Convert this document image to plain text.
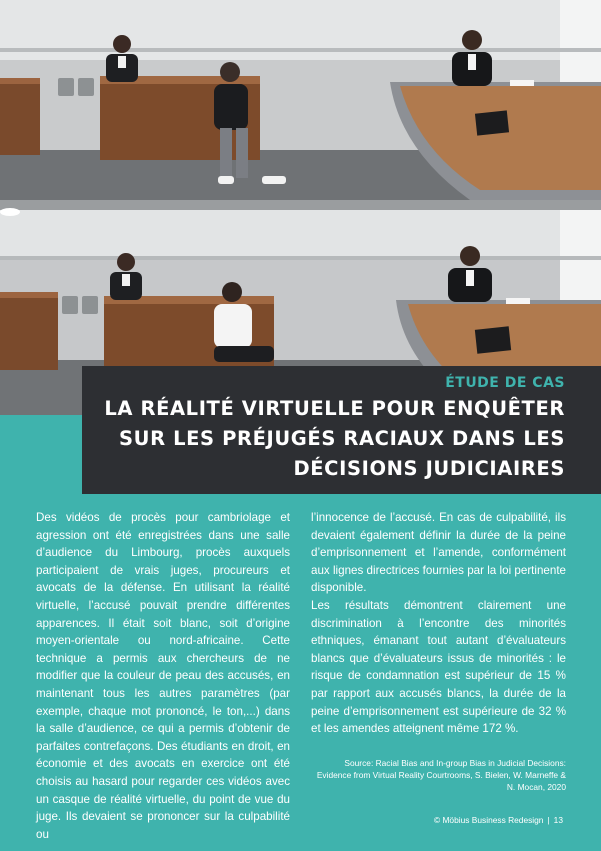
ÉTUDE DE CAS
LA RÉALITÉ VIRTUELLE POUR ENQUÊTER
SUR LES PRÉJUGÉS RACIAUX DANS LES
DÉCISIONS JUDICIAIRES

Des vidéos de procès pour cambriolage et agression ont été enregistrées dans une salle d’audience du Limbourg, procès auxquels participaient de vrais juges, procureurs et avocats de la défense. En utilisant la réalité virtuelle, l’accusé pouvait prendre différentes apparences. Il était soit blanc, soit d’origine moyen-orientale ou nord-africaine. Cette technique a permis aux chercheurs de ne modifier que la couleur de peau des accusés, en maintenant tous les autres paramètres (par exemple, chaque mot prononcé, le ton,...) dans la salle d’audience, ce qui a permis d’obtenir de parfaites contrefaçons. Des étudiants en droit, en économie et des avocats en exercice ont été choisis au hasard pour regarder ces vidéos avec un casque de réalité virtuelle, du point de vue du juge. Ils devaient se prononcer sur la culpabilité ou

l’innocence de l’accusé. En cas de culpabilité, ils devaient également définir la durée de la peine d’emprisonnement et l’amende, conformément aux lignes directrices fournies par la loi pertinente disponible.

Les résultats démontrent clairement une discrimination à l’encontre des minorités ethniques, émanant tout autant d’évaluateurs blancs que d’évaluateurs issus de minorités : le risque de condamnation est supérieur de 15 % par rapport aux accusés blancs, la durée de la peine d’emprisonnement est supérieure de 32 % et les amendes atteignent même 172 %.

Source: Racial Bias and In-group Bias in Judicial Decisions: Evidence from Virtual Reality Courtrooms, S. Bielen, W. Marneffe & N. Mocan, 2020
© Möbius Business Redesign | 13
